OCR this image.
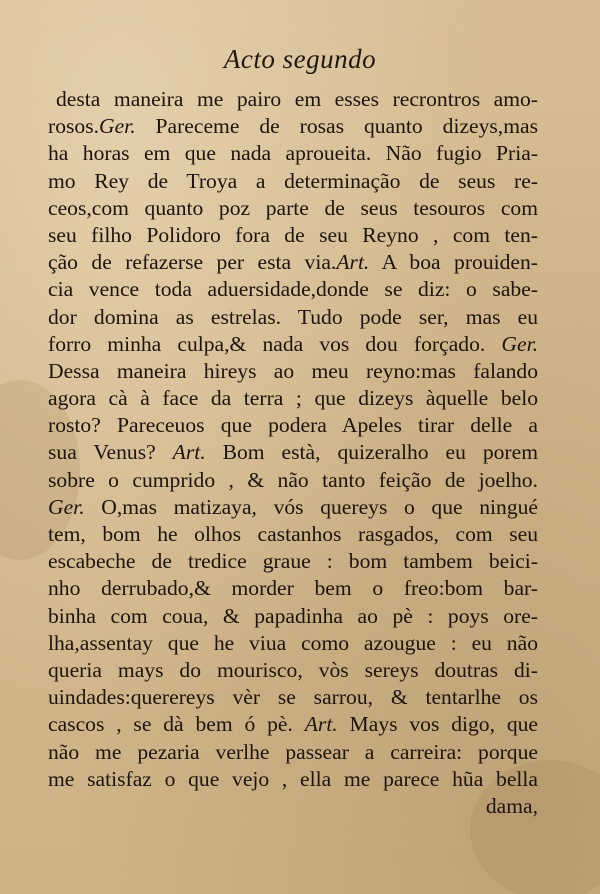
Acto segundo
desta maneira me pairo em esses recrontros amo-
rosos.Ger. Pareceme de rosas quanto dizeys,mas
ha horas em que nada aproueita. Não fugio Pria-
mo Rey de Troya a determinação de seus re-
ceos,com quanto poz parte de seus tesouros com
seu filho Polidoro fora de seu Reyno , com ten-
ção de refazerse per esta via.Art. A boa prouiden-
cia vence toda aduersidade,donde se diz: o sabe-
dor domina as estrelas. Tudo pode ser, mas eu
forro minha culpa,& nada vos dou forçado. Ger.
Dessa maneira hireys ao meu reyno:mas falando
agora cà à face da terra ; que dizeys àquelle belo
rosto? Pareceuos que podera Apeles tirar delle a
sua Venus? Art. Bom està, quizeralho eu porem
sobre o cumprido , & não tanto feição de joelho.
Ger. O,mas matizaya, vós quereys o que ningué
tem, bom he olhos castanhos rasgados, com seu
escabeche de tredice graue : bom tambem beici-
nho derrubado,& morder bem o freo:bom bar-
binha com coua, & papadinha ao pè : poys ore-
lha,assentay que he viua como azougue : eu não
queria mays do mourisco, vòs sereys doutras di-
uindades:querereys vèr se sarrou, & tentarlhe os
cascos , se dà bem ó pè. Art. Mays vos digo, que
não me pezaria verlhe passear a carreira: porque
me satisfaz o que vejo , ella me parece hũa bella
dama,
